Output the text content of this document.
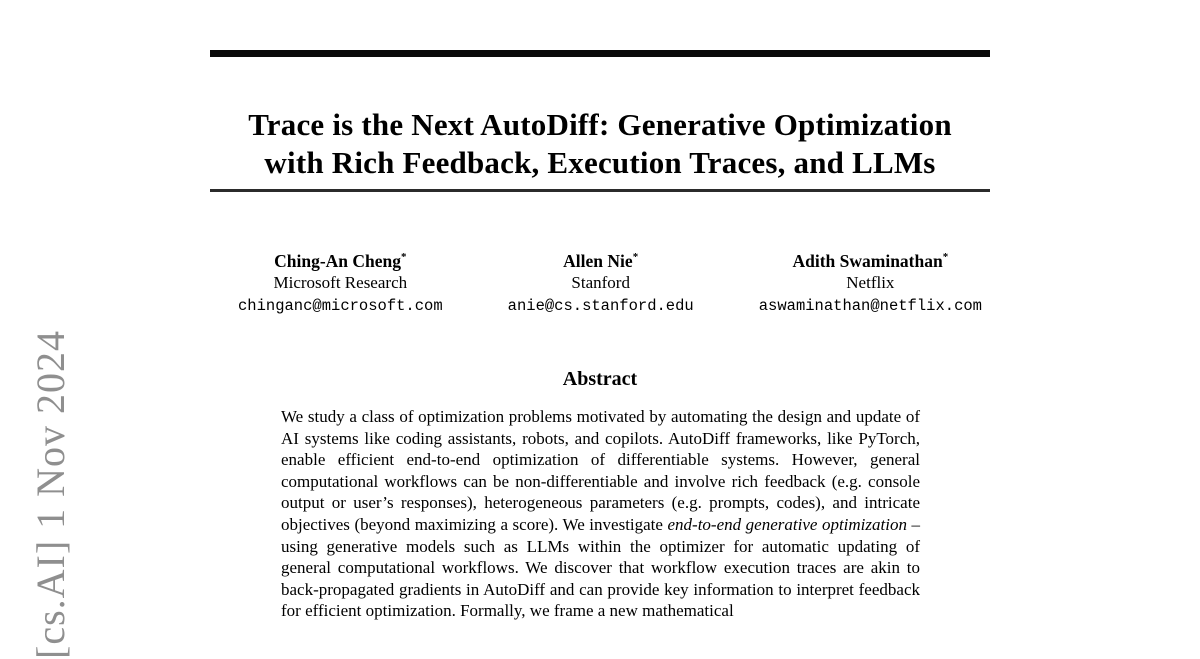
[cs.AI] 1 Nov 2024
Trace is the Next AutoDiff: Generative Optimization
with Rich Feedback, Execution Traces, and LLMs
Ching-An Cheng*
Microsoft Research
chinganc@microsoft.com
Allen Nie*
Stanford
anie@cs.stanford.edu
Adith Swaminathan*
Netflix
aswaminathan@netflix.com
Abstract
We study a class of optimization problems motivated by automating the design and update of AI systems like coding assistants, robots, and copilots. AutoDiff frameworks, like PyTorch, enable efficient end-to-end optimization of differentiable systems. However, general computational workflows can be non-differentiable and involve rich feedback (e.g. console output or user’s responses), heterogeneous parameters (e.g. prompts, codes), and intricate objectives (beyond maximizing a score). We investigate end-to-end generative optimization – using generative models such as LLMs within the optimizer for automatic updating of general computational workflows. We discover that workflow execution traces are akin to back-propagated gradients in AutoDiff and can provide key information to interpret feedback for efficient optimization. Formally, we frame a new mathematical
